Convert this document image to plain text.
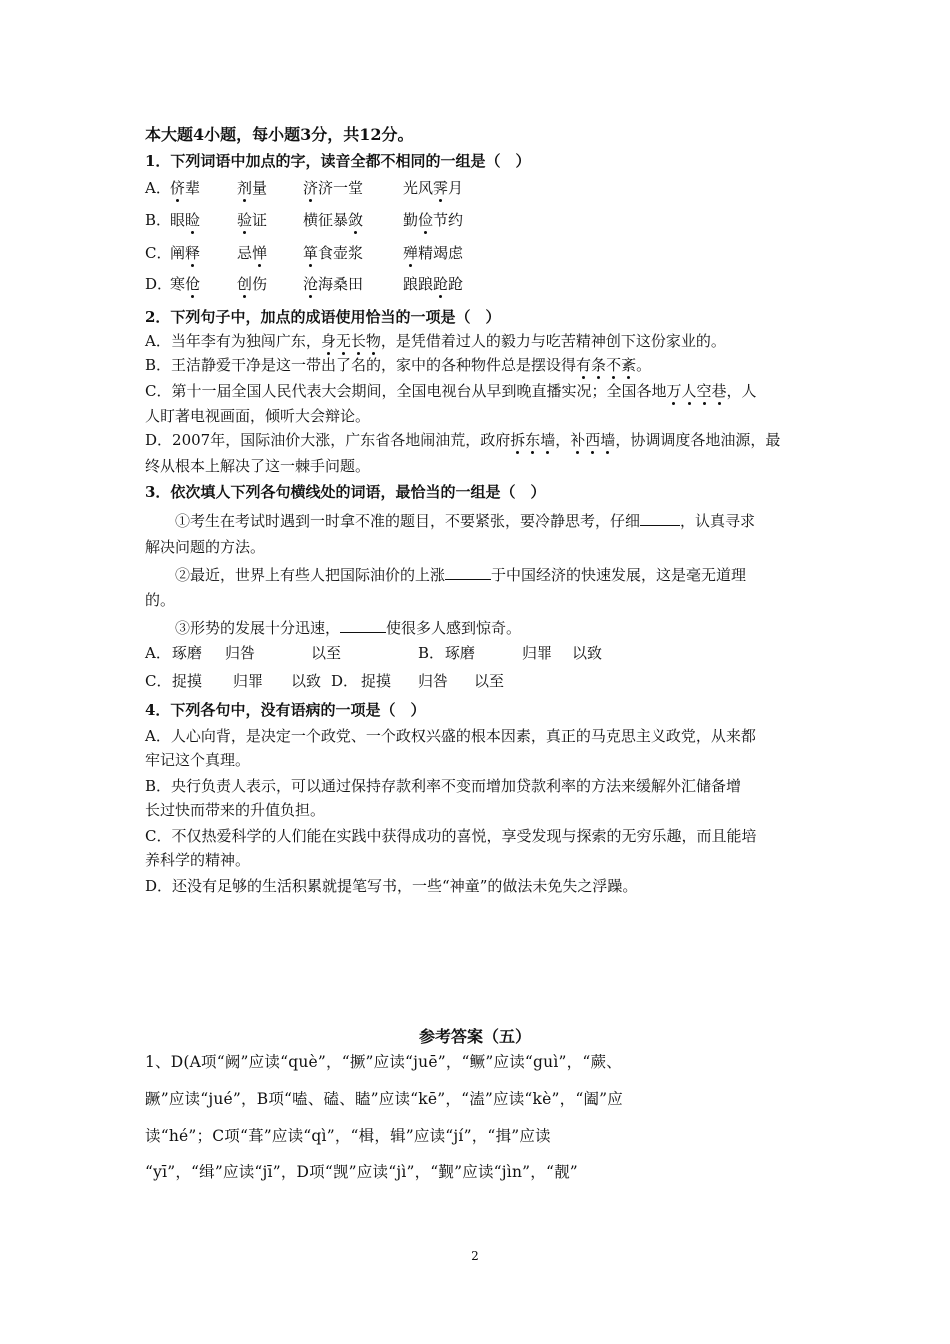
本大题4小题，每小题3分，共12分。
1．下列词语中加点的字，读音全都不相同的一组是（　）
A． 侪辈 剂量 济济一堂	光风霁月
B．
眼睑 验证 横征暴敛	勤俭节约
C．
阐释 忌惮 箪食壶浆	殚精竭虑
D．
寒伧 创伤 沧海桑田	踉踉跄跄
2．下列句子中，加点的成语使用恰当的一项是（　）
A．当年李有为独闯广东，身无长物，是凭借着过人的毅力与吃苦精神创下这份家业的。
B．王洁静爱干净是这一带出了名的，家中的各种物件总是摆设得有条不紊。
C．第十一届全国人民代表大会期间，全国电视台从早到晚直播实况；全国各地万人空巷，人
人盯著电视画面，倾听大会辩论。
D．2007年，国际油价大涨，广东省各地闹油荒，政府拆东墙，补西墙，协调调度各地油源，最
终从根本上解决了这一棘手问题。
3．依次填人下列各句横线处的词语，最恰当的一组是（　）
①考生在考试时遇到一时拿不准的题目，不要紧张，要冷静思考，仔细	，认真寻求
解决问题的方法。
②最近，世界上有些人把国际油价的上涨	于中国经济的快速发展，这是毫无道理
的。
③形势的发展十分迅速，	使很多人感到惊奇。
A． 琢磨 归咎	以至	B． 琢磨	归罪 以致
C． 捉摸 归罪 以致 D． 捉摸 归咎 以至
4．下列各句中，没有语病的一项是（　）
A．人心向背，是决定一个政党、一个政权兴盛的根本因素，真正的马克思主义政党，从来都
牢记这个真理。
B．央行负责人表示，可以通过保持存款利率不变而增加贷款利率的方法来缓解外汇储备增
长过快而带来的升值负担。
C．不仅热爱科学的人们能在实践中获得成功的喜悦，享受发现与探索的无穷乐趣，而且能培
养科学的精神。
D．还没有足够的生活积累就提笔写书，一些“神童”的做法未免失之浮躁。
参考答案（五）
1、D(A项“阙”应读“què”，“撅”应读“juē”，“鳜”应读“guì”，“蕨、
蹶”应读“jué”，B项“嗑、磕、瞌”应读“kē”，“溘”应读“kè”，“阖”应
读“hé”；C项“葺”应读“qì”，“楫，辑”应读“jí”，“揖”应读
“yī”，“缉”应读“jī”，D项“觊”应读“jì”，“觐”应读“jìn”，“靓”
2
